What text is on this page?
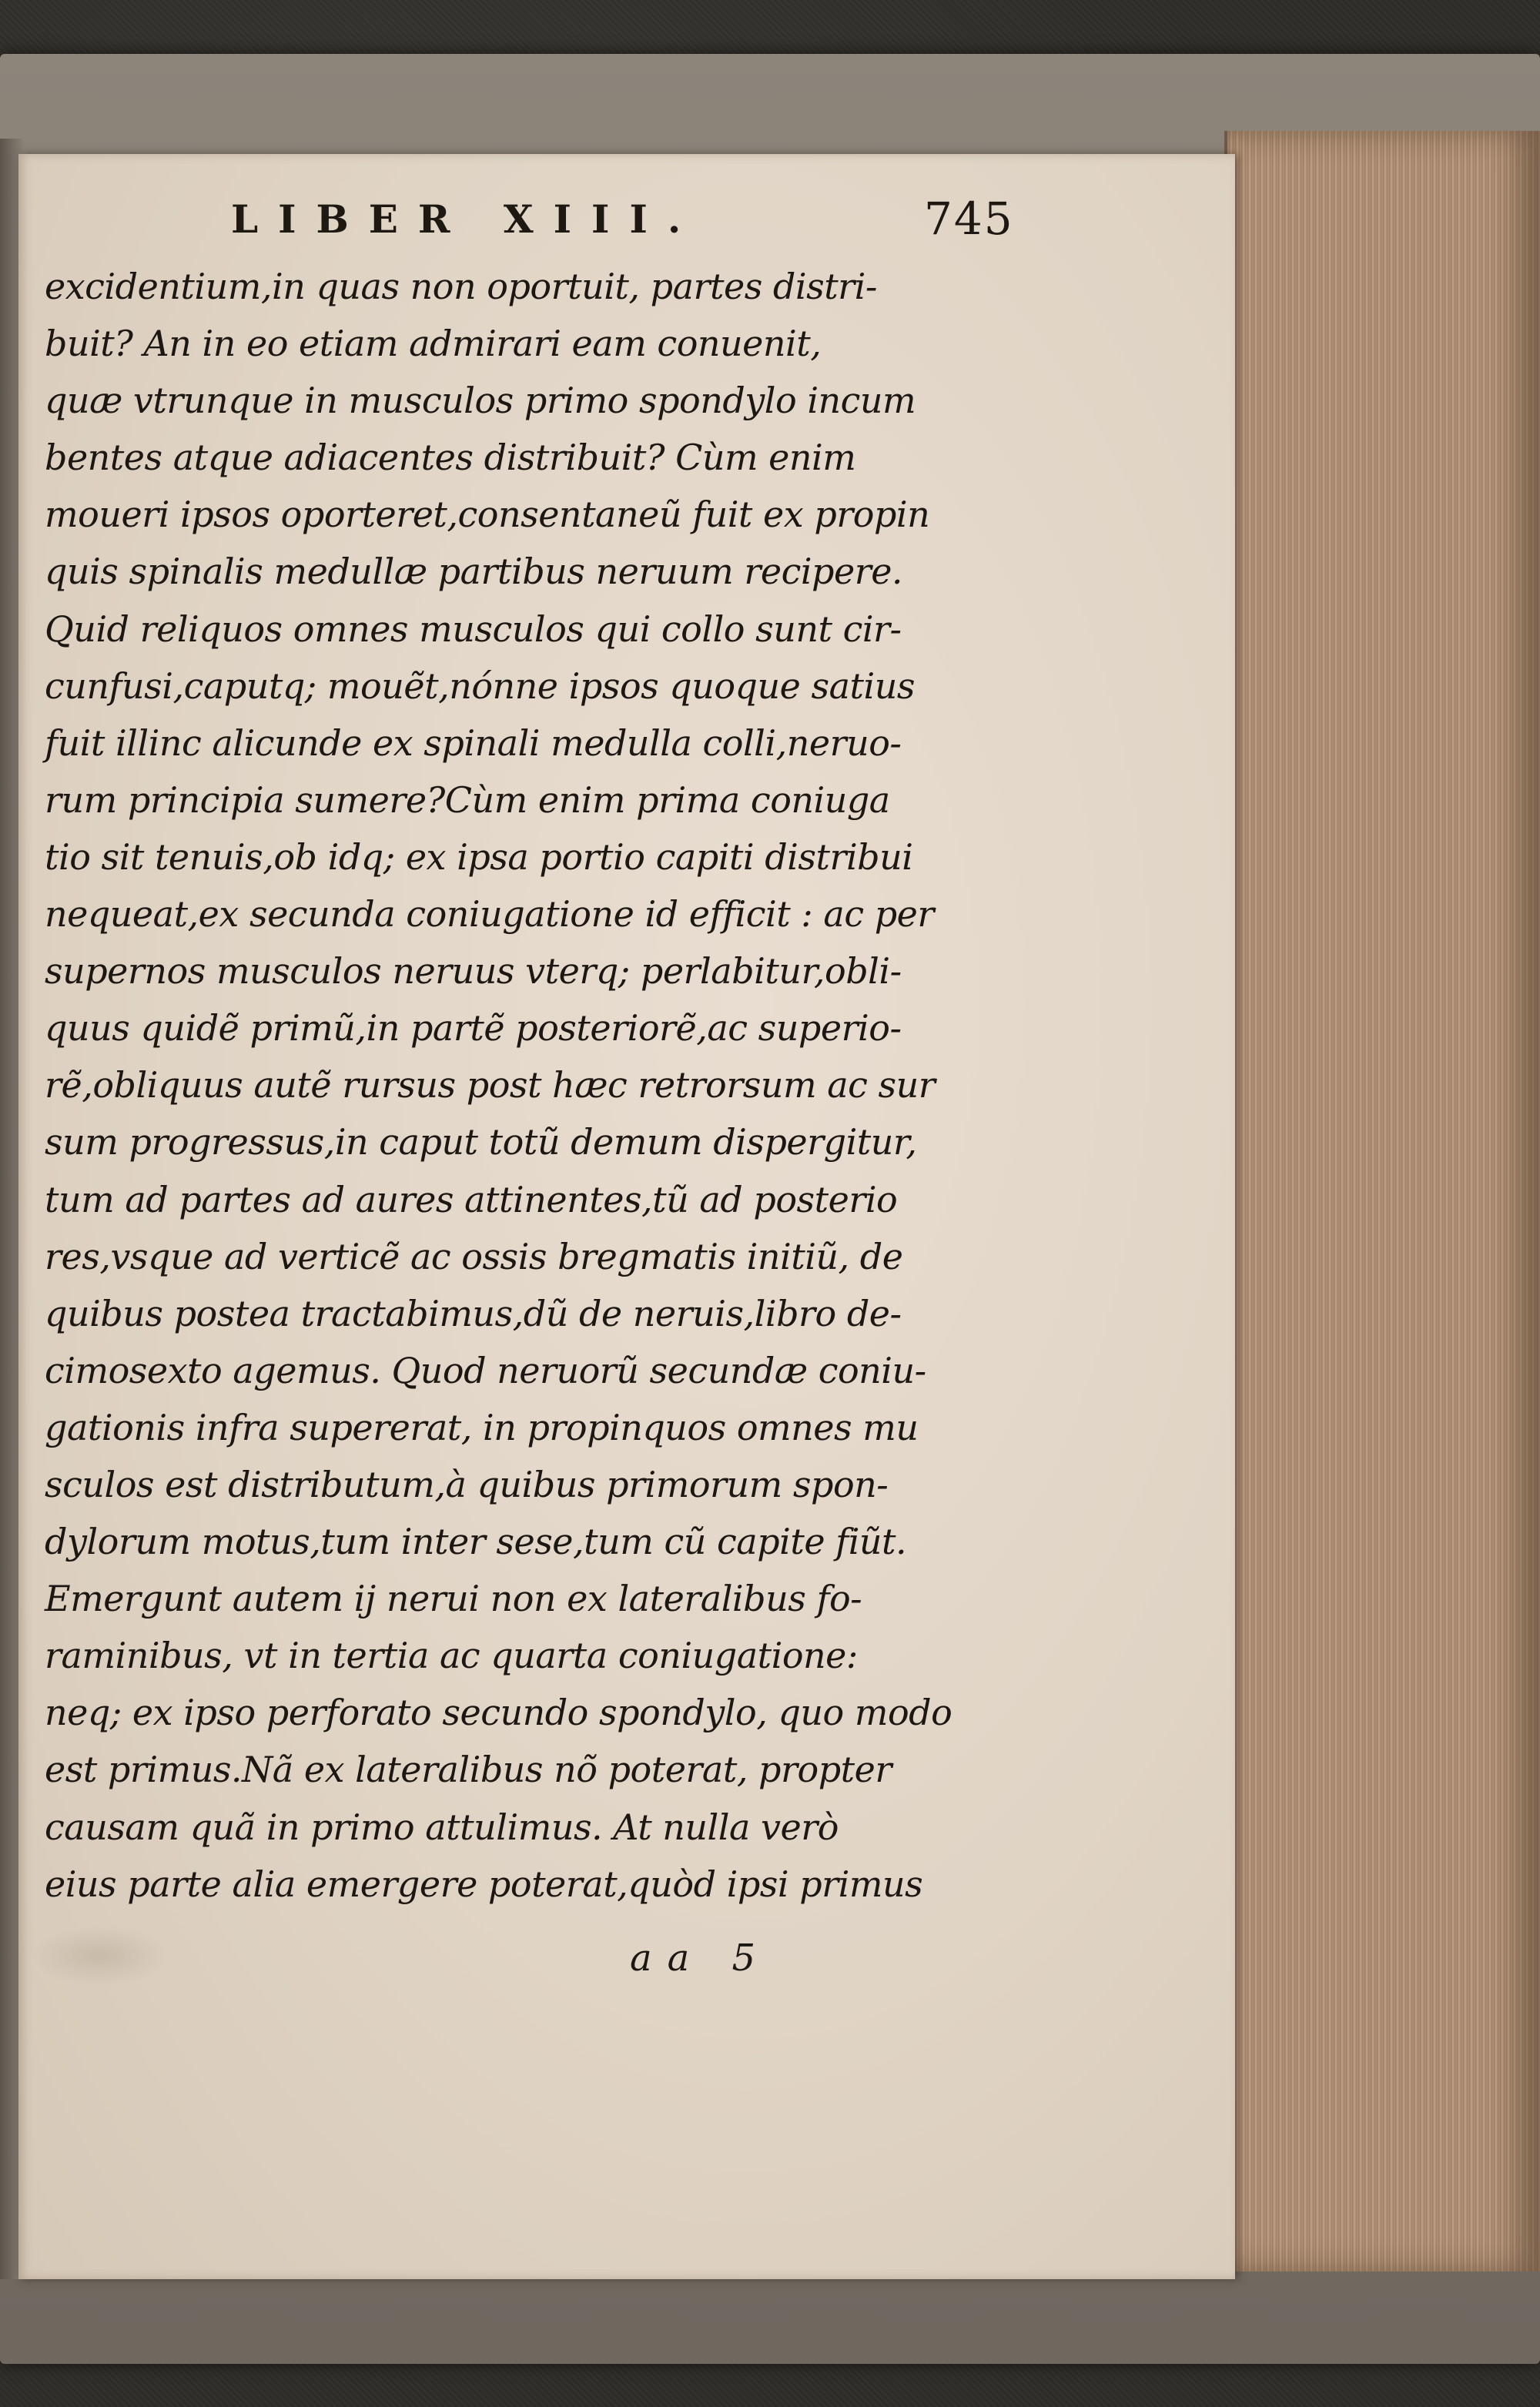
LIBER XIII.	745
excidentium,in quas non oportuit, partes distri-
buit? An in eo etiam admirari eam conuenit,
quæ vtrunque in musculos primo spondylo incum
bentes atque adiacentes distribuit? Cùm enim
moueri ipsos oporteret,consentaneũ fuit ex propin
quis spinalis medullæ partibus neruum recipere.
Quid reliquos omnes musculos qui collo sunt cir-
cunfusi,caputq; mouẽt,nónne ipsos quoque satius
fuit illinc alicunde ex spinali medulla colli,neruo-
rum principia sumere?Cùm enim prima coniuga
tio sit tenuis,ob idq; ex ipsa portio capiti distribui
nequeat,ex secunda coniugatione id efficit : ac per
supernos musculos neruus vterq; perlabitur,obli-
quus quidẽ primũ,in partẽ posteriorẽ,ac superio-
rẽ,obliquus autẽ rursus post hæc retrorsum ac sur
sum progressus,in caput totũ demum dispergitur,
tum ad partes ad aures attinentes,tũ ad posterio
res,vsque ad verticẽ ac ossis bregmatis initiũ, de
quibus postea tractabimus,dũ de neruis,libro de-
cimosexto agemus. Quod neruorũ secundæ coniu-
gationis infra supererat, in propinquos omnes mu
sculos est distributum,à quibus primorum spon-
dylorum motus,tum inter sese,tum cũ capite fiũt.
Emergunt autem ij nerui non ex lateralibus fo-
raminibus, vt in tertia ac quarta coniugatione:
neq; ex ipso perforato secundo spondylo, quo modo
est primus.Nã ex lateralibus nõ poterat, propter
causam quã in primo attulimus. At nulla verò
eius parte alia emergere poterat,quòd ipsi primus
aa 5
